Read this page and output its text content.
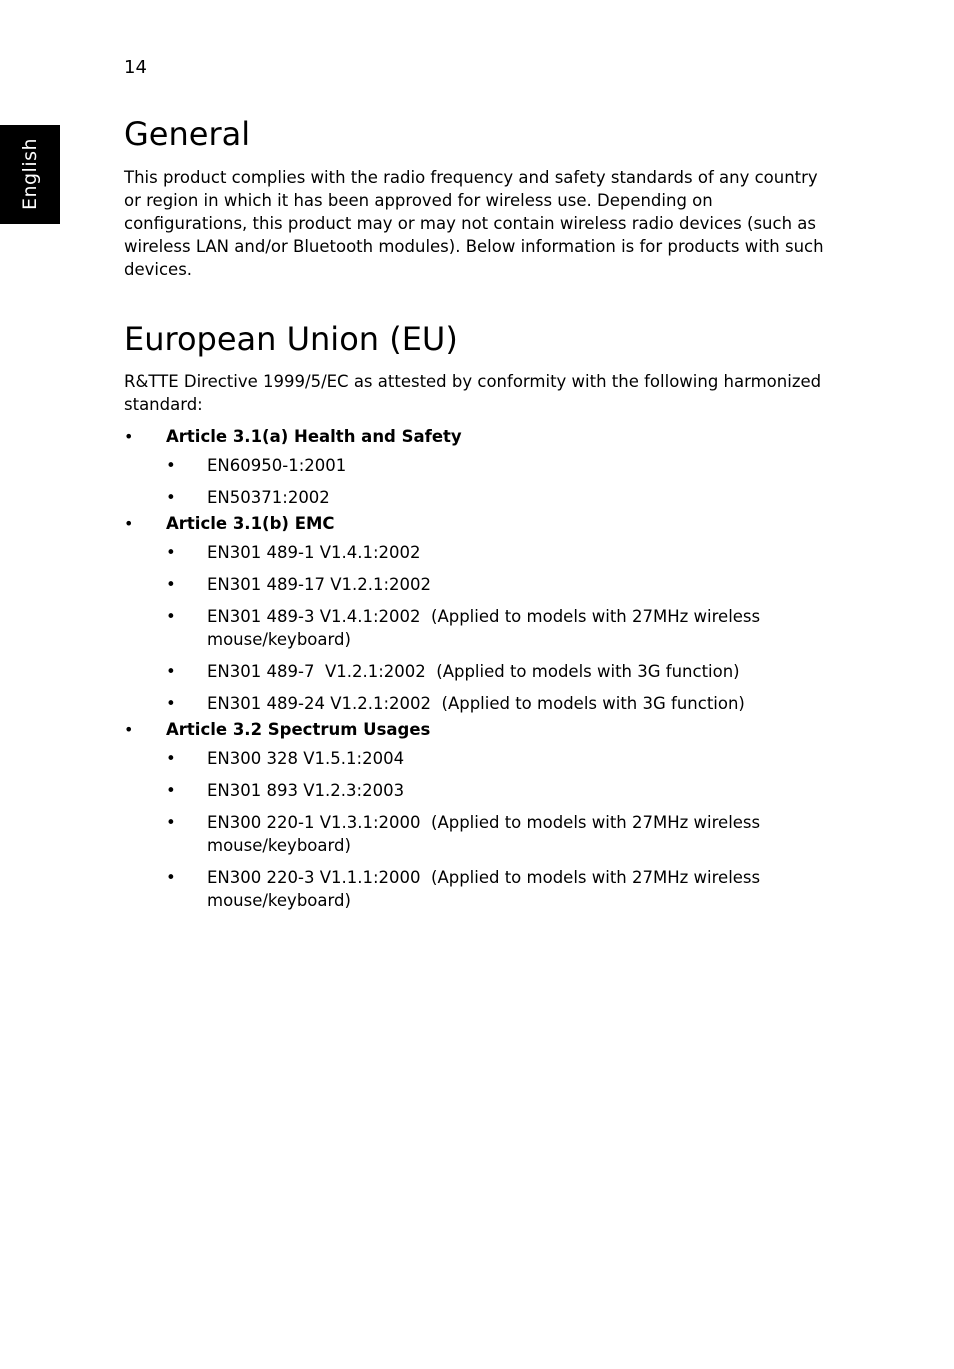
14
English
General

This product complies with the radio frequency and safety standards of any country or region in which it has been approved for wireless use. Depending on configurations, this product may or may not contain wireless radio devices (such as wireless LAN and/or Bluetooth modules). Below information is for products with such devices.

European Union (EU)

R&TTE Directive 1999/5/EC as attested by conformity with the following harmonized standard:

• Article 3.1(a) Health and Safety
• EN60950-1:2001
• EN50371:2002
• Article 3.1(b) EMC
• EN301 489-1 V1.4.1:2002
• EN301 489-17 V1.2.1:2002
• EN301 489-3 V1.4.1:2002  (Applied to models with 27MHz wireless mouse/keyboard)
• EN301 489-7  V1.2.1:2002  (Applied to models with 3G function)
• EN301 489-24 V1.2.1:2002  (Applied to models with 3G function)
• Article 3.2 Spectrum Usages
• EN300 328 V1.5.1:2004
• EN301 893 V1.2.3:2003
• EN300 220-1 V1.3.1:2000  (Applied to models with 27MHz wireless mouse/keyboard)
• EN300 220-3 V1.1.1:2000  (Applied to models with 27MHz wireless mouse/keyboard)
